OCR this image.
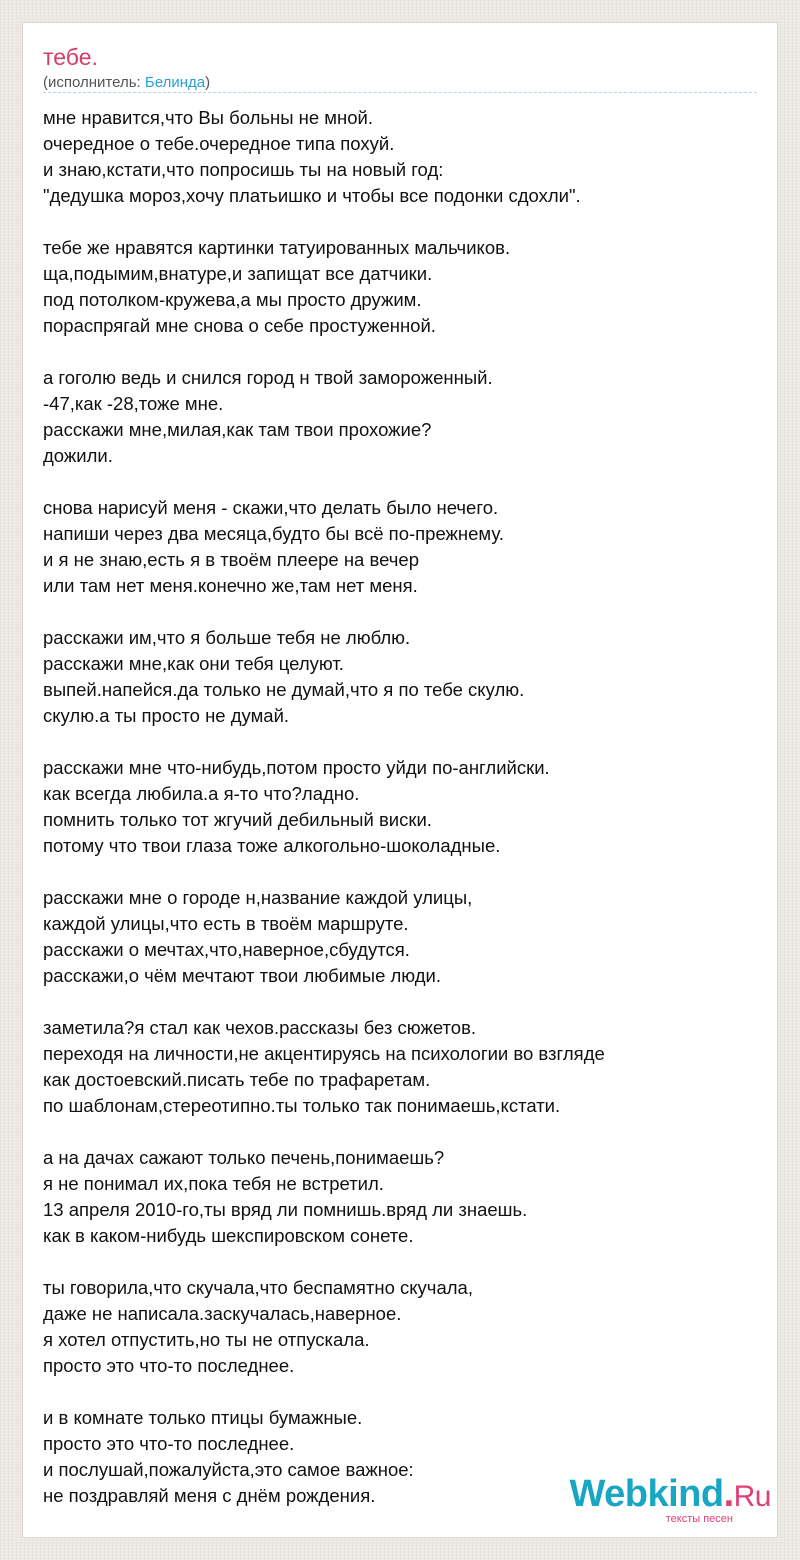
тебе.
(исполнитель: Белинда)
мне нравится,что Вы больны не мной.
очередное о тебе.очередное типа похуй.
и знаю,кстати,что попросишь ты на новый год:
"дедушка мороз,хочу платьишко и чтобы все подонки сдохли".
тебе же нравятся картинки татуированных мальчиков.
ща,подымим,внатуре,и запищат все датчики.
под потолком-кружева,а мы просто дружим.
пораспрягай мне снова о себе простуженной.
а гоголю ведь и снился город н твой замороженный.
-47,как -28,тоже мне.
расскажи мне,милая,как там твои прохожие?
дожили.
снова нарисуй меня - скажи,что делать было нечего.
напиши через два месяца,будто бы всё по-прежнему.
и я не знаю,есть я в твоём плеере на вечер
или там нет меня.конечно же,там нет меня.
расскажи им,что я больше тебя не люблю.
расскажи мне,как они тебя целуют.
выпей.напейся.да только не думай,что я по тебе скулю.
скулю.а ты просто не думай.
расскажи мне что-нибудь,потом просто уйди по-английски.
как всегда любила.а я-то что?ладно.
помнить только тот жгучий дебильный виски.
потому что твои глаза тоже алкогольно-шоколадные.
расскажи мне о городе н,название каждой улицы,
каждой улицы,что есть в твоём маршруте.
расскажи о мечтах,что,наверное,сбудутся.
расскажи,о чём мечтают твои любимые люди.
заметила?я стал как чехов.рассказы без сюжетов.
переходя на личности,не акцентируясь на психологии во взгляде
как достоевский.писать тебе по трафаретам.
по шаблонам,стереотипно.ты только так понимаешь,кстати.
а на дачах сажают только печень,понимаешь?
я не понимал их,пока тебя не встретил.
13 апреля 2010-го,ты вряд ли помнишь.вряд ли знаешь.
как в каком-нибудь шекспировском сонете.
ты говорила,что скучала,что беспамятно скучала,
даже не написала.заскучалась,наверное.
я хотел отпустить,но ты не отпускала.
просто это что-то последнее.
и в комнате только птицы бумажные.
просто это что-то последнее.
и послушай,пожалуйста,это самое важное:
не поздравляй меня с днём рождения.	Webkind.Ru
тексты песен
